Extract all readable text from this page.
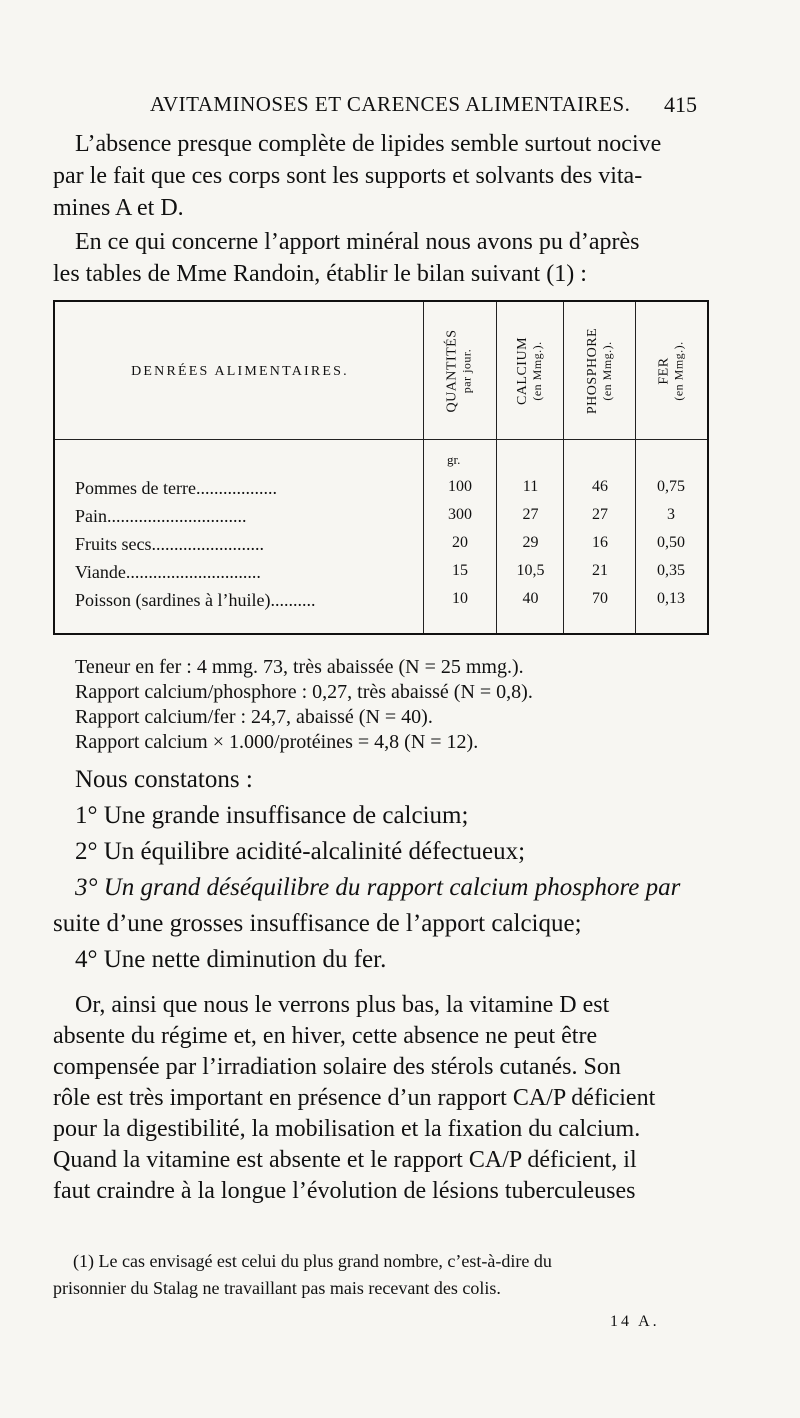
AVITAMINOSES ET CARENCES ALIMENTAIRES. 415
L’absence presque complète de lipides semble surtout nocive
par le fait que ces corps sont les supports et solvants des vita-
mines A et D.
En ce qui concerne l’apport minéral nous avons pu d’après
les tables de Mme Randoin, établir le bilan suivant (1) :
DENRÉES ALIMENTAIRES.	QUANTITÉS par jour.	CALCIUM (en Mmg.).	PHOSPHORE (en Mmg.).	FER (en Mmg.).
gr.
Pommes de terre..................	100	11	46	0,75
Pain...............................	300	27	27	3
Fruits secs.........................	20	29	16	0,50
Viande..............................	15	10,5	21	0,35
Poisson (sardines à l’huile)..........	10	40	70	0,13
Teneur en fer : 4 mmg. 73, très abaissée (N = 25 mmg.).
Rapport calcium/phosphore : 0,27, très abaissé (N = 0,8).
Rapport calcium/fer : 24,7, abaissé (N = 40).
Rapport calcium × 1.000/protéines = 4,8 (N = 12).
Nous constatons :
1° Une grande insuffisance de calcium;
2° Un équilibre acidité-alcalinité défectueux;
3° Un grand déséquilibre du rapport calcium phosphore par
suite d’une grosses insuffisance de l’apport calcique;
4° Une nette diminution du fer.
Or, ainsi que nous le verrons plus bas, la vitamine D est
absente du régime et, en hiver, cette absence ne peut être
compensée par l’irradiation solaire des stérols cutanés. Son
rôle est très important en présence d’un rapport CA/P déficient
pour la digestibilité, la mobilisation et la fixation du calcium.
Quand la vitamine est absente et le rapport CA/P déficient, il
faut craindre à la longue l’évolution de lésions tuberculeuses
(1) Le cas envisagé est celui du plus grand nombre, c’est-à-dire du
prisonnier du Stalag ne travaillant pas mais recevant des colis.
14 A.
